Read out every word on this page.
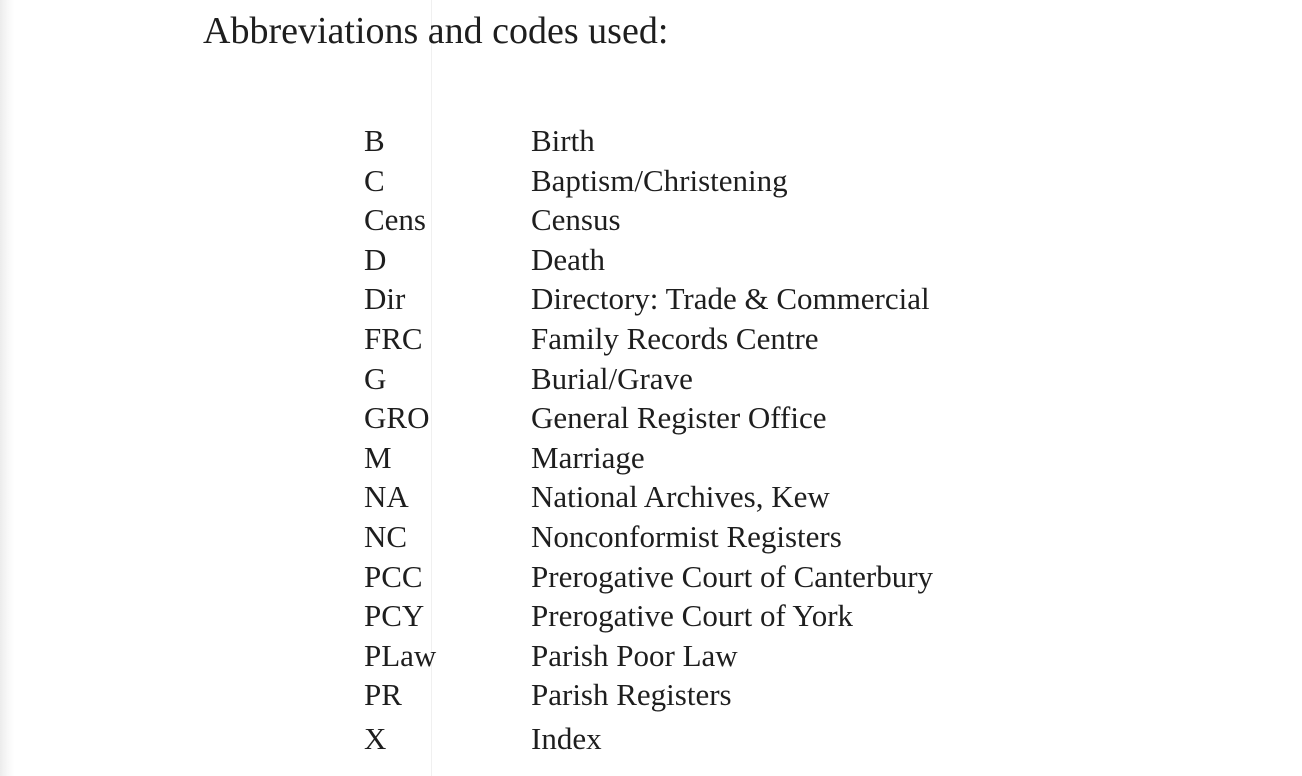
Abbreviations and codes used:
B	Birth
C	Baptism/Christening
Cens	Census
D	Death
Dir	Directory: Trade & Commercial
FRC	Family Records Centre
G	Burial/Grave
GRO	General Register Office
M	Marriage
NA	National Archives, Kew
NC	Nonconformist Registers
PCC	Prerogative Court of Canterbury
PCY	Prerogative Court of York
PLaw	Parish Poor Law
PR	Parish Registers
X	Index
